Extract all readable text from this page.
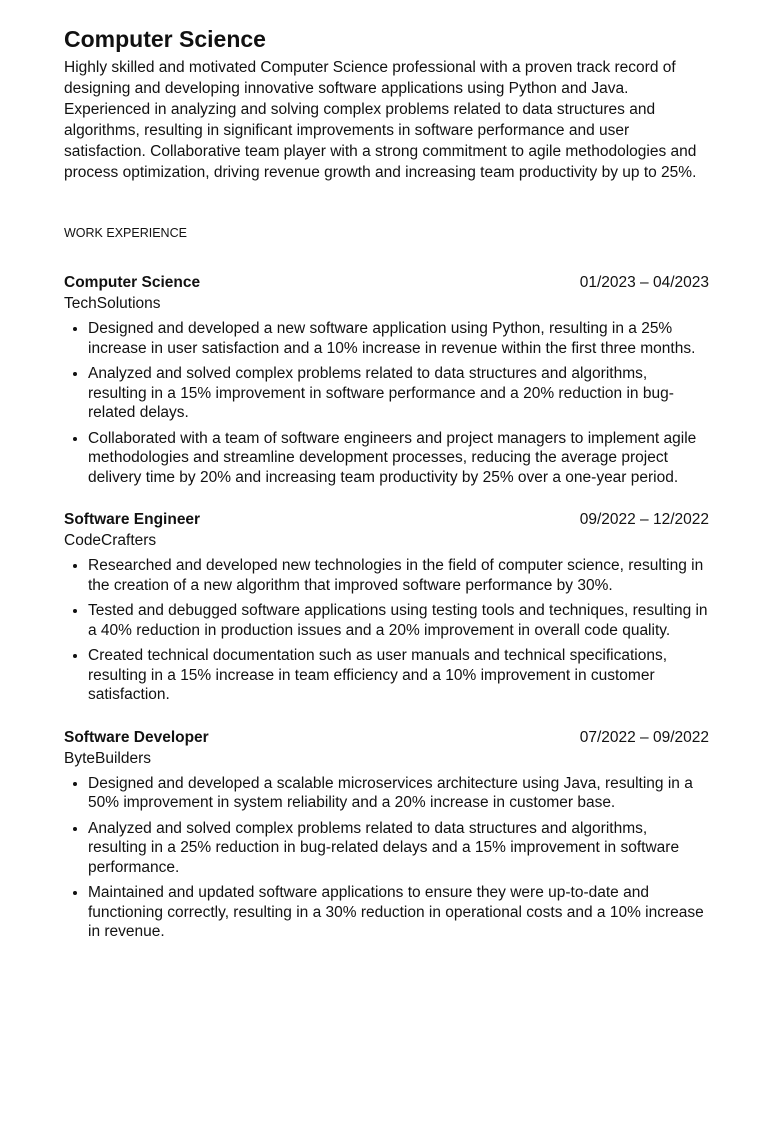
Computer Science

Highly skilled and motivated Computer Science professional with a proven track record of designing and developing innovative software applications using Python and Java. Experienced in analyzing and solving complex problems related to data structures and algorithms, resulting in significant improvements in software performance and user satisfaction. Collaborative team player with a strong commitment to agile methodologies and process optimization, driving revenue growth and increasing team productivity by up to 25%.

WORK EXPERIENCE
Computer Science	01/2023 – 04/2023
TechSolutions
• Designed and developed a new software application using Python, resulting in a 25% increase in user satisfaction and a 10% increase in revenue within the first three months.
• Analyzed and solved complex problems related to data structures and algorithms, resulting in a 15% improvement in software performance and a 20% reduction in bug-related delays.
• Collaborated with a team of software engineers and project managers to implement agile methodologies and streamline development processes, reducing the average project delivery time by 20% and increasing team productivity by 25% over a one-year period.
Software Engineer	09/2022 – 12/2022
CodeCrafters
• Researched and developed new technologies in the field of computer science, resulting in the creation of a new algorithm that improved software performance by 30%.
• Tested and debugged software applications using testing tools and techniques, resulting in a 40% reduction in production issues and a 20% improvement in overall code quality.
• Created technical documentation such as user manuals and technical specifications, resulting in a 15% increase in team efficiency and a 10% improvement in customer satisfaction.
Software Developer	07/2022 – 09/2022
ByteBuilders
• Designed and developed a scalable microservices architecture using Java, resulting in a 50% improvement in system reliability and a 20% increase in customer base.
• Analyzed and solved complex problems related to data structures and algorithms, resulting in a 25% reduction in bug-related delays and a 15% improvement in software performance.
• Maintained and updated software applications to ensure they were up-to-date and functioning correctly, resulting in a 30% reduction in operational costs and a 10% increase in revenue.
